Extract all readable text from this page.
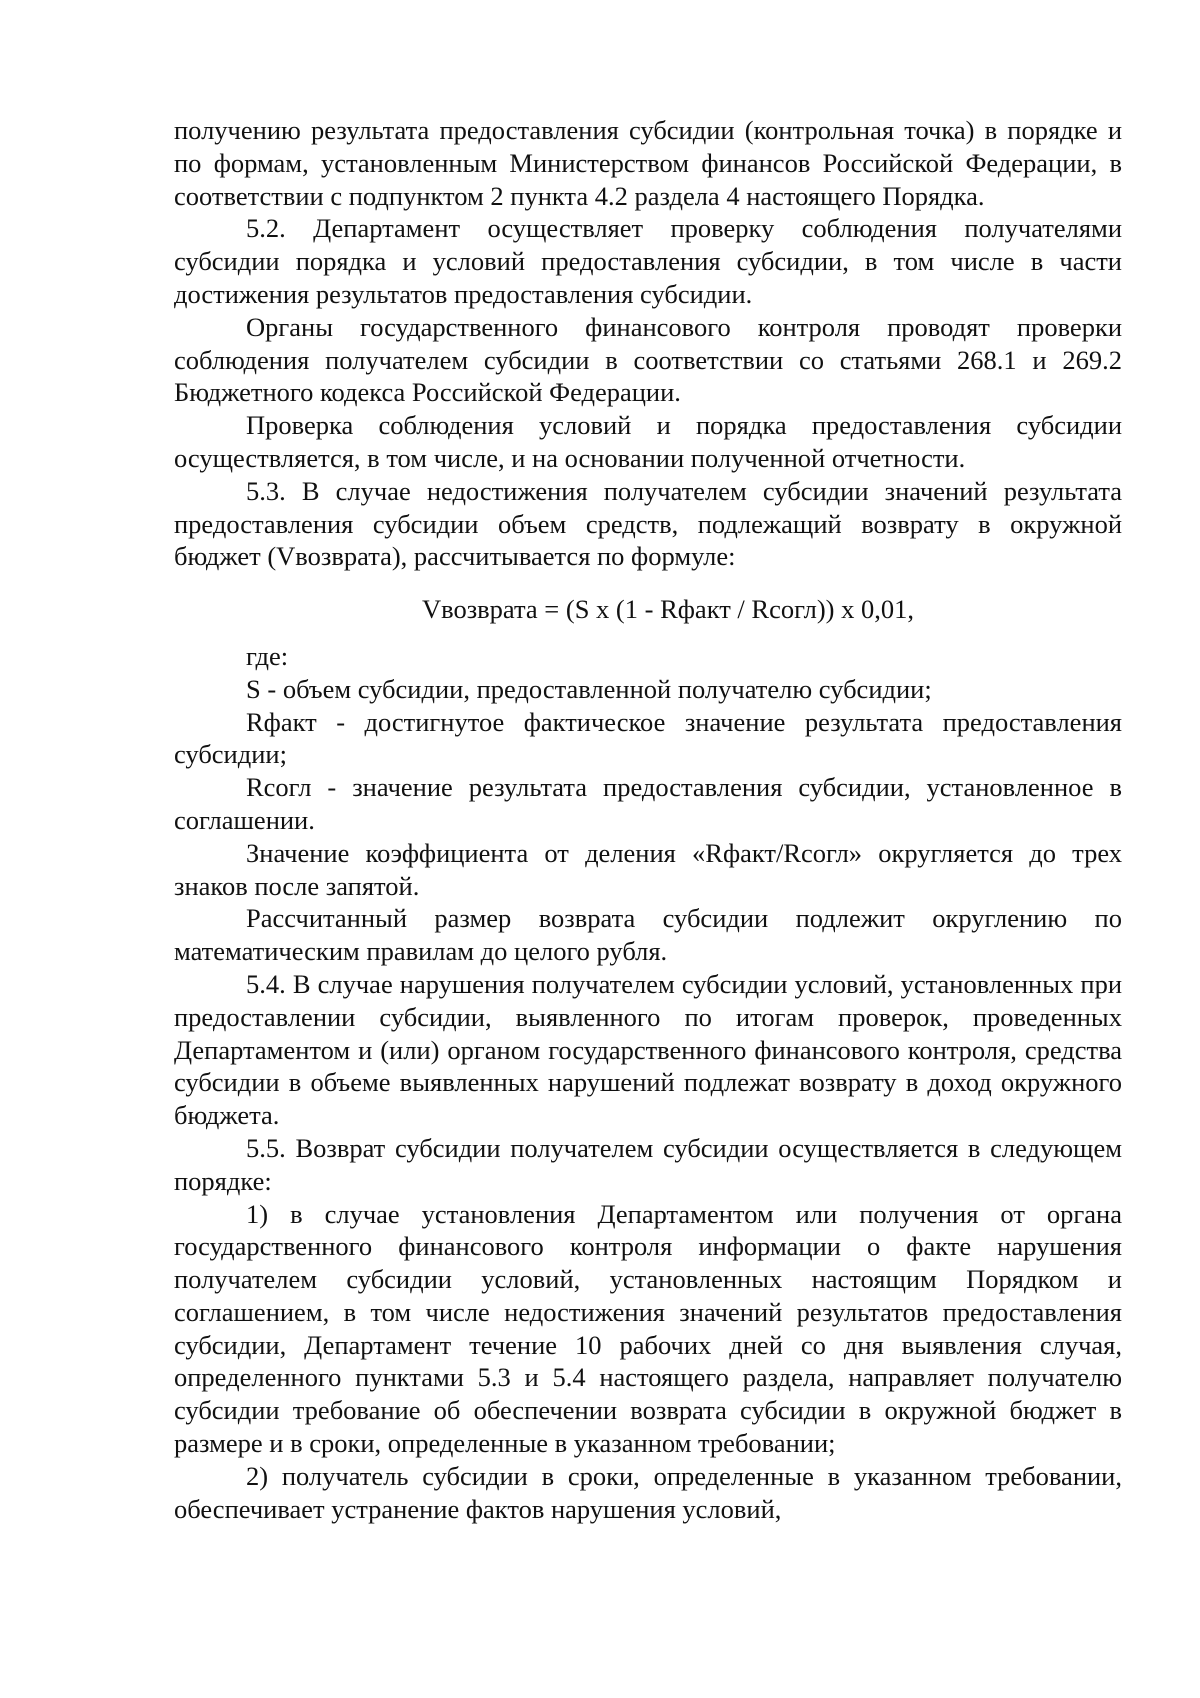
получению результата предоставления субсидии (контрольная точка) в порядке и по формам, установленным Министерством финансов Российской Федерации, в соответствии с подпунктом 2 пункта 4.2 раздела 4 настоящего Порядка.

5.2. Департамент осуществляет проверку соблюдения получателями субсидии порядка и условий предоставления субсидии, в том числе в части достижения результатов предоставления субсидии.

Органы государственного финансового контроля проводят проверки соблюдения получателем субсидии в соответствии со статьями 268.1 и 269.2 Бюджетного кодекса Российской Федерации.

Проверка соблюдения условий и порядка предоставления субсидии осуществляется, в том числе, и на основании полученной отчетности.

5.3. В случае недостижения получателем субсидии значений результата предоставления субсидии объем средств, подлежащий возврату в окружной бюджет (Vвозврата), рассчитывается по формуле:

Vвозврата = (S x (1 - Rфакт / Rсогл)) x 0,01,

где:

S - объем субсидии, предоставленной получателю субсидии;

Rфакт - достигнутое фактическое значение результата предоставления субсидии;

Rсогл - значение результата предоставления субсидии, установленное в соглашении.

Значение коэффициента от деления «Rфакт/Rсогл» округляется до трех знаков после запятой.

Рассчитанный размер возврата субсидии подлежит округлению по математическим правилам до целого рубля.

5.4. В случае нарушения получателем субсидии условий, установленных при предоставлении субсидии, выявленного по итогам проверок, проведенных Департаментом и (или) органом государственного финансового контроля, средства субсидии в объеме выявленных нарушений подлежат возврату в доход окружного бюджета.

5.5. Возврат субсидии получателем субсидии осуществляется в следующем порядке:

1) в случае установления Департаментом или получения от органа государственного финансового контроля информации о факте нарушения получателем субсидии условий, установленных настоящим Порядком и соглашением, в том числе недостижения значений результатов предоставления субсидии, Департамент течение 10 рабочих дней со дня выявления случая, определенного пунктами 5.3 и 5.4 настоящего раздела, направляет получателю субсидии требование об обеспечении возврата субсидии в окружной бюджет в размере и в сроки, определенные в указанном требовании;

2) получатель субсидии в сроки, определенные в указанном требовании, обеспечивает устранение фактов нарушения условий,
